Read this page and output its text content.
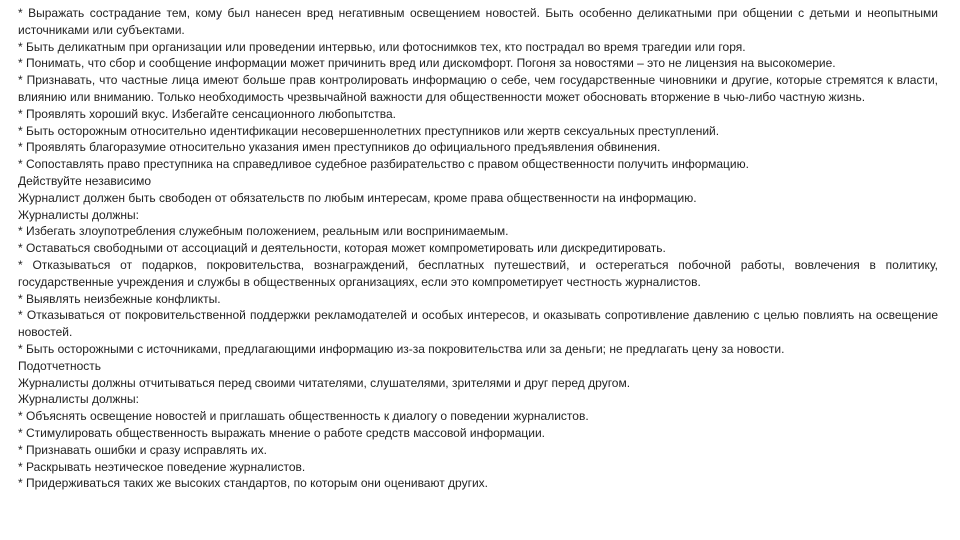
* Выражать сострадание тем, кому был нанесен вред негативным освещением новостей. Быть особенно деликатными при общении с детьми и неопытными источниками или субъектами.

* Быть деликатным при организации или проведении интервью, или фотоснимков тех, кто пострадал во время трагедии или горя.

* Понимать, что сбор и сообщение информации может причинить вред или дискомфорт. Погоня за новостями – это не лицензия на высокомерие.

* Признавать, что частные лица имеют больше прав контролировать информацию о себе, чем государственные чиновники и другие, которые стремятся к власти, влиянию или вниманию. Только необходимость чрезвычайной важности для общественности может обосновать вторжение в чью-либо частную жизнь.

* Проявлять хороший вкус. Избегайте сенсационного любопытства.

* Быть осторожным относительно идентификации несовершеннолетних преступников или жертв сексуальных преступлений.

* Проявлять благоразумие относительно указания имен преступников до официального предъявления обвинения.

* Сопоставлять право преступника на справедливое судебное разбирательство с правом общественности получить информацию.

Действуйте независимо

Журналист должен быть свободен от обязательств по любым интересам, кроме права общественности на информацию.

Журналисты должны:

* Избегать злоупотребления служебным положением, реальным или воспринимаемым.

* Оставаться свободными от ассоциаций и деятельности, которая может компрометировать или дискредитировать.

* Отказываться от подарков, покровительства, вознаграждений, бесплатных путешествий, и остерегаться побочной работы, вовлечения в политику, государственные учреждения и службы в общественных организациях, если это компрометирует честность журналистов.

* Выявлять неизбежные конфликты.

* Отказываться от покровительственной поддержки рекламодателей и особых интересов, и оказывать сопротивление давлению с целью повлиять на освещение новостей.

* Быть осторожными с источниками, предлагающими информацию из-за покровительства или за деньги; не предлагать цену за новости.

Подотчетность

Журналисты должны отчитываться перед своими читателями, слушателями, зрителями и друг перед другом.

Журналисты должны:

* Объяснять освещение новостей и приглашать общественность к диалогу о поведении журналистов.

* Стимулировать общественность выражать мнение о работе средств массовой информации.

* Признавать ошибки и сразу исправлять их.

* Раскрывать неэтическое поведение журналистов.

* Придерживаться таких же высоких стандартов, по которым они оценивают других.
